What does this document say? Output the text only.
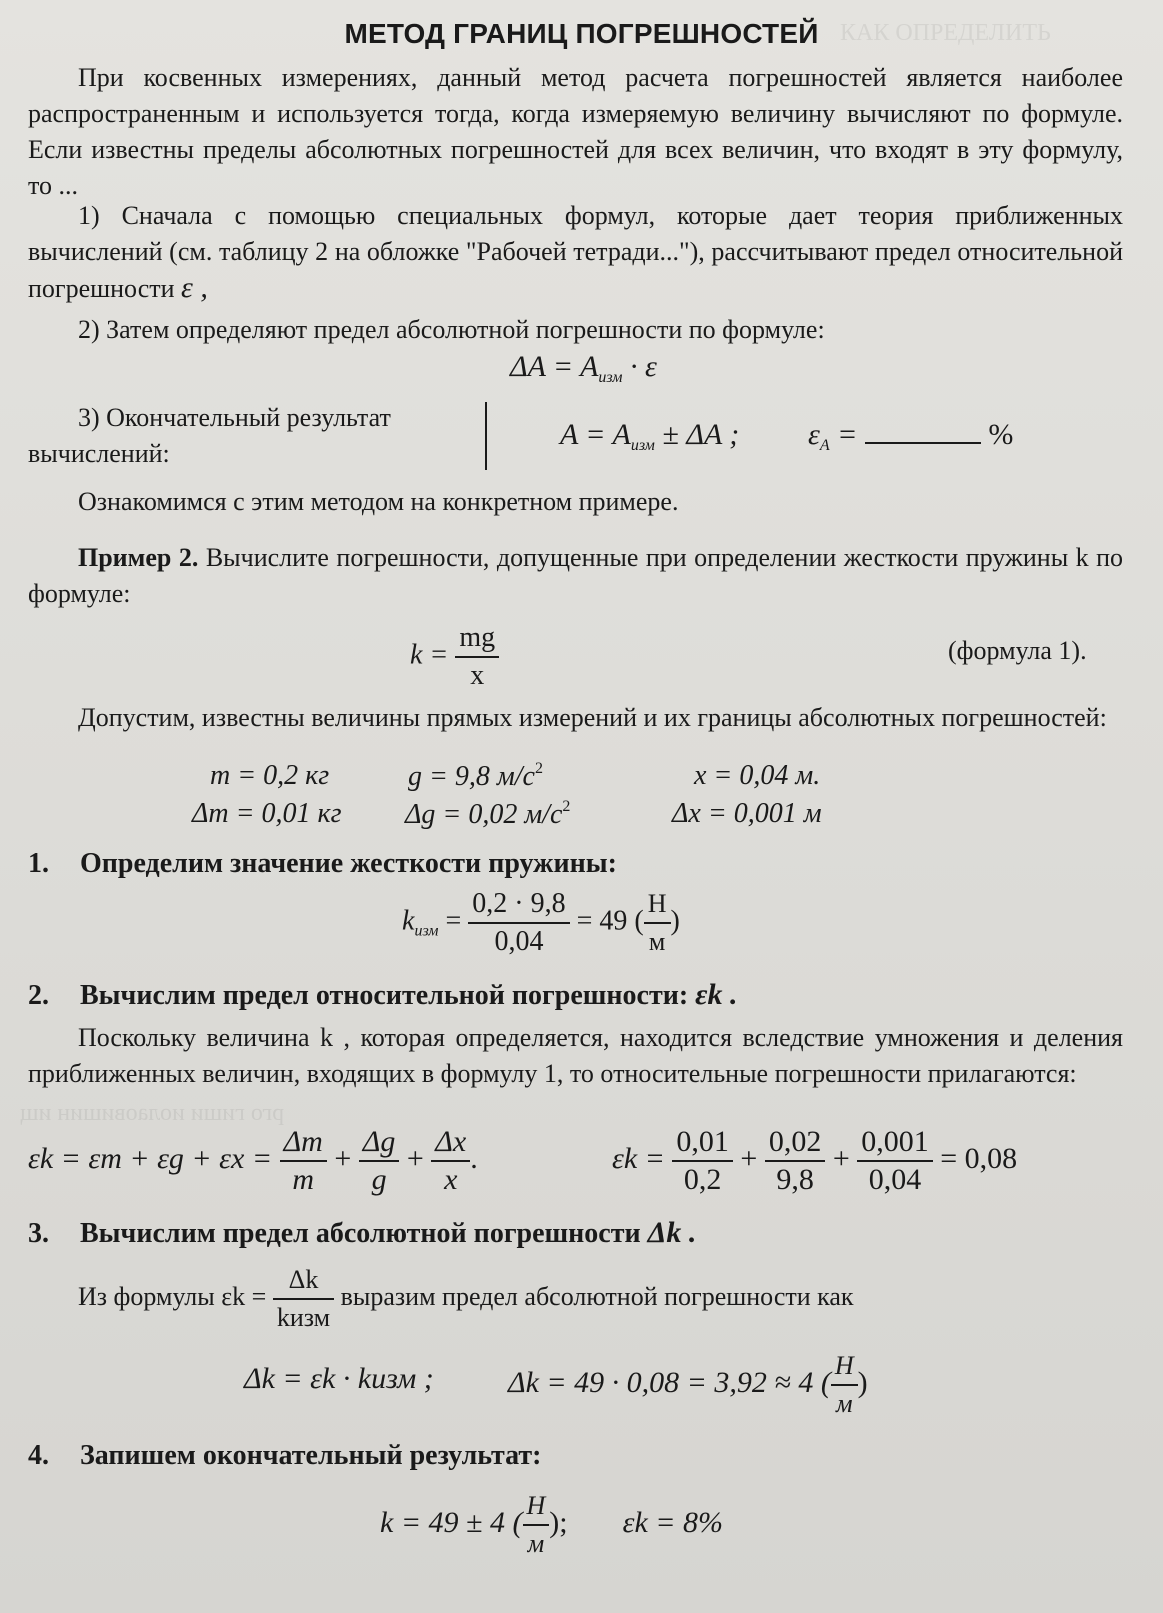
КАК ОПРЕДЕЛИТЬ
рго гиши иолаовишин ищ
МЕТОД ГРАНИЦ ПОГРЕШНОСТЕЙ
При косвенных измерениях, данный метод расчета погрешностей является наиболее распространенным и используется тогда, когда измеряемую величину вычисляют по формуле. Если известны пределы абсолютных погрешностей для всех величин, что входят в эту формулу, то ...
1) Сначала с помощью специальных формул, которые дает теория приближенных вычислений (см. таблицу 2 на обложке "Рабочей тетради..."), рассчитывают предел относительной погрешности ε ,
2) Затем определяют предел абсолютной погрешности по формуле:
$\Delta A = A_{изм} \cdot \varepsilon$
3) Окончательный результат
вычислений:
$A = A_{изм} \pm \Delta A$ ; $\varepsilon_A$ =	%
Ознакомимся с этим методом на конкретном примере.
Пример 2. Вычислите погрешности, допущенные при определении жесткости пружины k по формуле:
$k = \frac{mg}{x}$	(формула 1).
Допустим, известны величины прямых измерений и их границы абсолютных погрешностей:
m = 0,2 кг	g = 9,8 $м/с^2$	x = 0,04 м.
Δm = 0,01 кг Δg = 0,02 $м/с^2$	Δx = 0,001 м
1. Определим значение жесткости пружины:
$k_{изм} = \frac{0,2 \cdot 9,8}{0,04} = 49$ ( $\frac{H}{м}$ )
2. Вычислим предел относительной погрешности: εk .
Поскольку величина k , которая определяется, находится вследствие умножения и деления приближенных величин, входящих в формулу 1, то относительные погрешности прилагаются:
$\varepsilon k = \varepsilon m + \varepsilon g + \varepsilon x = \frac{\Delta m}{m} + \frac{\Delta g}{g} + \frac{\Delta x}{x}$ .	$\varepsilon k = \frac{0,01}{0,2} + \frac{0,02}{9,8} + \frac{0,001}{0,04} = 0,08$
3. Вычислим предел абсолютной погрешности Δk .
Из формулы $\varepsilon k = \frac{\Delta k}{\text{kизм}}$ выразим предел абсолютной погрешности как
Δk = εk · kизм ; Δk = 49 · 0,08 = 3,92 ≈ 4 ( $\frac{H}{м}$ )
4. Запишем окончательный результат:
k = 49 ± 4 ( $\frac{H}{м}$ ); εk = 8%
